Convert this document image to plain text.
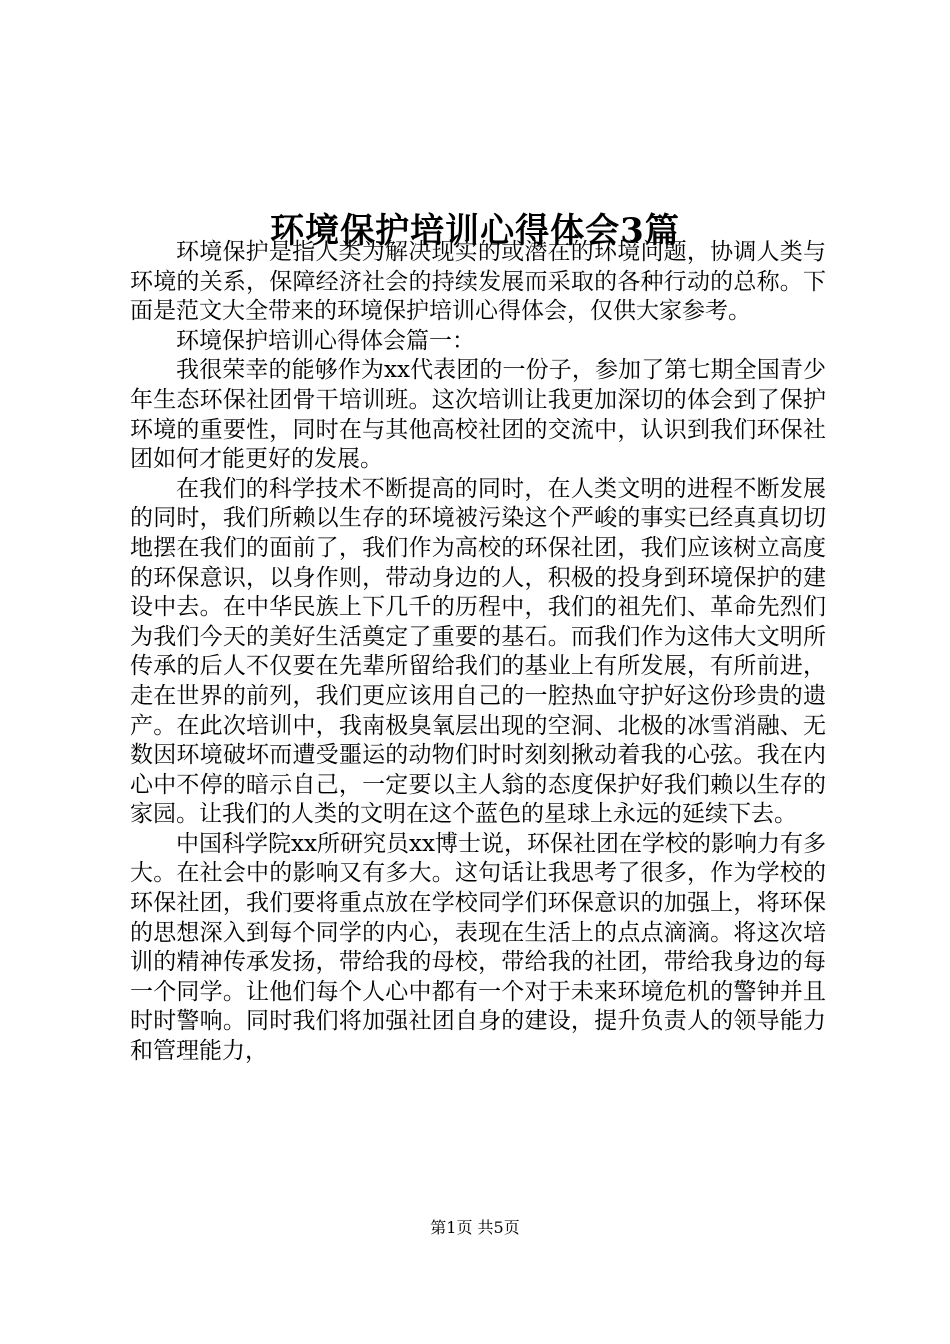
环境保护培训心得体会3篇

环境保护是指人类为解决现实的或潜在的环境问题，协调人类与环境的关系，保障经济社会的持续发展而采取的各种行动的总称。下面是范文大全带来的环境保护培训心得体会，仅供大家参考。

环境保护培训心得体会篇一：

我很荣幸的能够作为xx代表团的一份子，参加了第七期全国青少年生态环保社团骨干培训班。这次培训让我更加深切的体会到了保护环境的重要性，同时在与其他高校社团的交流中，认识到我们环保社团如何才能更好的发展。

在我们的科学技术不断提高的同时，在人类文明的进程不断发展的同时，我们所赖以生存的环境被污染这个严峻的事实已经真真切切地摆在我们的面前了，我们作为高校的环保社团，我们应该树立高度的环保意识，以身作则，带动身边的人，积极的投身到环境保护的建设中去。在中华民族上下几千的历程中，我们的祖先们、革命先烈们为我们今天的美好生活奠定了重要的基石。而我们作为这伟大文明所传承的后人不仅要在先辈所留给我们的基业上有所发展，有所前进，走在世界的前列，我们更应该用自己的一腔热血守护好这份珍贵的遗产。在此次培训中，我南极臭氧层出现的空洞、北极的冰雪消融、无数因环境破坏而遭受噩运的动物们时时刻刻揪动着我的心弦。我在内心中不停的暗示自己，一定要以主人翁的态度保护好我们赖以生存的家园。让我们的人类的文明在这个蓝色的星球上永远的延续下去。

中国科学院xx所研究员xx博士说，环保社团在学校的影响力有多大。在社会中的影响又有多大。这句话让我思考了很多，作为学校的环保社团，我们要将重点放在学校同学们环保意识的加强上，将环保的思想深入到每个同学的内心，表现在生活上的点点滴滴。将这次培训的精神传承发扬，带给我的母校，带给我的社团，带给我身边的每一个同学。让他们每个人心中都有一个对于未来环境危机的警钟并且时时警响。同时我们将加强社团自身的建设，提升负责人的领导能力和管理能力，

第1页 共5页
